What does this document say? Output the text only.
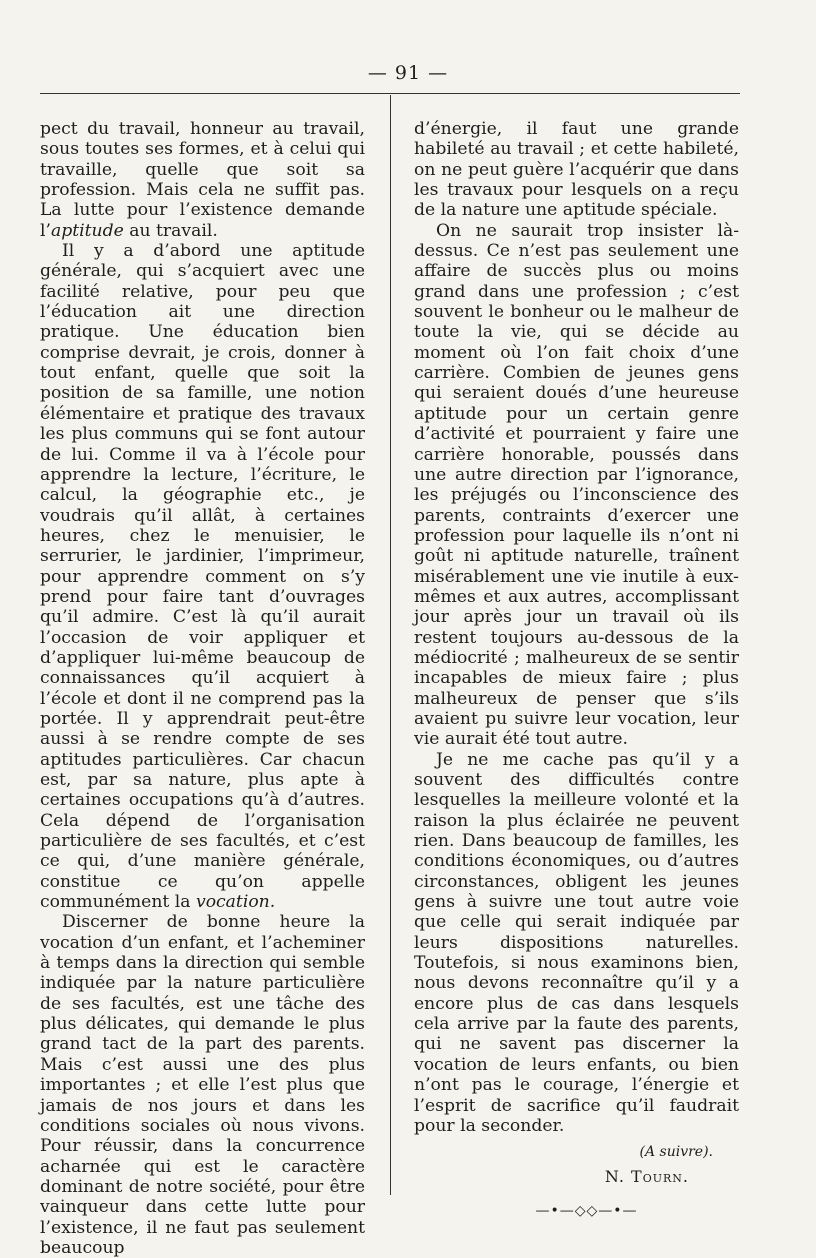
— 91 —

pect du travail, honneur au travail, sous toutes ses formes, et à celui qui travaille, quelle que soit sa profession. Mais cela ne suffit pas. La lutte pour l’existence demande l’aptitude au travail.

Il y a d’abord une aptitude générale, qui s’acquiert avec une facilité relative, pour peu que l’éducation ait une direction pratique. Une éducation bien comprise devrait, je crois, donner à tout enfant, quelle que soit la position de sa famille, une notion élémentaire et pratique des travaux les plus communs qui se font autour de lui. Comme il va à l’école pour apprendre la lecture, l’écriture, le calcul, la géographie etc., je voudrais qu’il allât, à certaines heures, chez le menuisier, le serrurier, le jardinier, l’imprimeur, pour apprendre comment on s’y prend pour faire tant d’ouvrages qu’il admire. C’est là qu’il aurait l’occasion de voir appliquer et d’appliquer lui-même beaucoup de connaissances qu’il acquiert à l’école et dont il ne comprend pas la portée. Il y apprendrait peut-être aussi à se rendre compte de ses aptitudes particulières. Car chacun est, par sa nature, plus apte à certaines occupations qu’à d’autres. Cela dépend de l’organisation particulière de ses facultés, et c’est ce qui, d’une manière générale, constitue ce qu’on appelle communément la vocation.

Discerner de bonne heure la vocation d’un enfant, et l’acheminer à temps dans la direction qui semble indiquée par la nature particulière de ses facultés, est une tâche des plus délicates, qui demande le plus grand tact de la part des parents. Mais c’est aussi une des plus importantes ; et elle l’est plus que jamais de nos jours et dans les conditions sociales où nous vivons. Pour réussir, dans la concurrence acharnée qui est le caractère dominant de notre société, pour être vainqueur dans cette lutte pour l’existence, il ne faut pas seulement beaucoup

d’énergie, il faut une grande habileté au travail ; et cette habileté, on ne peut guère l’acquérir que dans les travaux pour lesquels on a reçu de la nature une aptitude spéciale.

On ne saurait trop insister là-dessus. Ce n’est pas seulement une affaire de succès plus ou moins grand dans une profession ; c’est souvent le bonheur ou le malheur de toute la vie, qui se décide au moment où l’on fait choix d’une carrière. Combien de jeunes gens qui seraient doués d’une heureuse aptitude pour un certain genre d’activité et pourraient y faire une carrière honorable, poussés dans une autre direction par l’ignorance, les préjugés ou l’inconscience des parents, contraints d’exercer une profession pour laquelle ils n’ont ni goût ni aptitude naturelle, traînent misérablement une vie inutile à eux-mêmes et aux autres, accomplissant jour après jour un travail où ils restent toujours au-dessous de la médiocrité ; malheureux de se sentir incapables de mieux faire ; plus malheureux de penser que s’ils avaient pu suivre leur vocation, leur vie aurait été tout autre.

Je ne me cache pas qu’il y a souvent des difficultés contre lesquelles la meilleure volonté et la raison la plus éclairée ne peuvent rien. Dans beaucoup de familles, les conditions économiques, ou d’autres circonstances, obligent les jeunes gens à suivre une tout autre voie que celle qui serait indiquée par leurs dispositions naturelles. Toutefois, si nous examinons bien, nous devons reconnaître qu’il y a encore plus de cas dans lesquels cela arrive par la faute des parents, qui ne savent pas discerner la vocation de leurs enfants, ou bien n’ont pas le courage, l’énergie et l’esprit de sacrifice qu’il faudrait pour la seconder.

(A suivre).
N. Tourn.
—•—◇◇—•—
